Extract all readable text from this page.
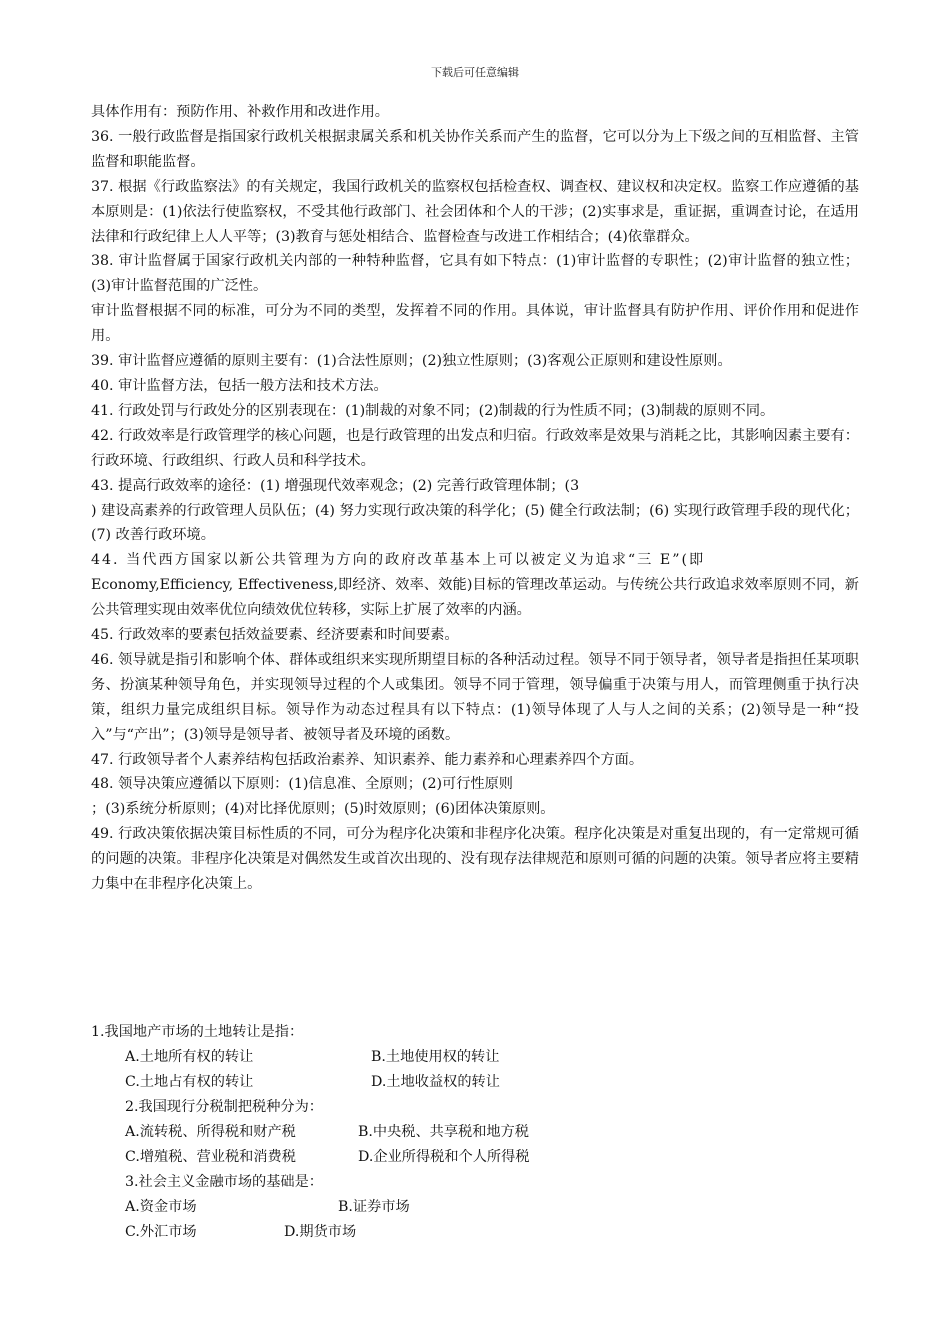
下载后可任意编辑

具体作用有：预防作用、补救作用和改进作用。

36. 一般行政监督是指国家行政机关根据隶属关系和机关协作关系而产生的监督，它可以分为上下级之间的互相监督、主管监督和职能监督。

37. 根据《行政监察法》的有关规定，我国行政机关的监察权包括检查权、调查权、建议权和决定权。监察工作应遵循的基本原则是：(1)依法行使监察权，不受其他行政部门、社会团体和个人的干涉；(2)实事求是，重证据，重调查讨论，在适用法律和行政纪律上人人平等；(3)教育与惩处相结合、监督检查与改进工作相结合；(4)依靠群众。

38. 审计监督属于国家行政机关内部的一种特种监督，它具有如下特点：(1)审计监督的专职性；(2)审计监督的独立性；(3)审计监督范围的广泛性。

审计监督根据不同的标准，可分为不同的类型，发挥着不同的作用。具体说，审计监督具有防护作用、评价作用和促进作用。

39. 审计监督应遵循的原则主要有：(1)合法性原则；(2)独立性原则；(3)客观公正原则和建设性原则。

40. 审计监督方法，包括一般方法和技术方法。

41. 行政处罚与行政处分的区别表现在：(1)制裁的对象不同；(2)制裁的行为性质不同；(3)制裁的原则不同。

42. 行政效率是行政管理学的核心问题，也是行政管理的出发点和归宿。行政效率是效果与消耗之比，其影响因素主要有：行政环境、行政组织、行政人员和科学技术。

43. 提高行政效率的途径：(1) 增强现代效率观念；(2) 完善行政管理体制；(3

) 建设高素养的行政管理人员队伍；(4) 努力实现行政决策的科学化；(5) 健全行政法制；(6) 实现行政管理手段的现代化；(7) 改善行政环境。

44. 当代西方国家以新公共管理为方向的政府改革基本上可以被定义为追求“三 E”(即

Economy,Efficiency, Effectiveness,即经济、效率、效能)目标的管理改革运动。与传统公共行政追求效率原则不同，新公共管理实现由效率优位向绩效优位转移，实际上扩展了效率的内涵。

45. 行政效率的要素包括效益要素、经济要素和时间要素。

46. 领导就是指引和影响个体、群体或组织来实现所期望目标的各种活动过程。领导不同于领导者，领导者是指担任某项职务、扮演某种领导角色，并实现领导过程的个人或集团。领导不同于管理，领导偏重于决策与用人，而管理侧重于执行决策，组织力量完成组织目标。领导作为动态过程具有以下特点：(1)领导体现了人与人之间的关系；(2)领导是一种“投入”与“产出”；(3)领导是领导者、被领导者及环境的函数。

47. 行政领导者个人素养结构包括政治素养、知识素养、能力素养和心理素养四个方面。

48. 领导决策应遵循以下原则：(1)信息准、全原则；(2)可行性原则

；(3)系统分析原则；(4)对比择优原则；(5)时效原则；(6)团体决策原则。

49. 行政决策依据决策目标性质的不同，可分为程序化决策和非程序化决策。程序化决策是对重复出现的，有一定常规可循的问题的决策。非程序化决策是对偶然发生或首次出现的、没有现存法律规范和原则可循的问题的决策。领导者应将主要精力集中在非程序化决策上。

1.我国地产市场的土地转让是指：

A.土地所有权的转让	B.土地使用权的转让
C.土地占有权的转让	D.土地收益权的转让

2.我国现行分税制把税种分为：

A.流转税、所得税和财产税	B.中央税、共享税和地方税
C.增殖税、营业税和消费税	D.企业所得税和个人所得税

3.社会主义金融市场的基础是：

A.资金市场	B.证券市场
C.外汇市场	D.期货市场
